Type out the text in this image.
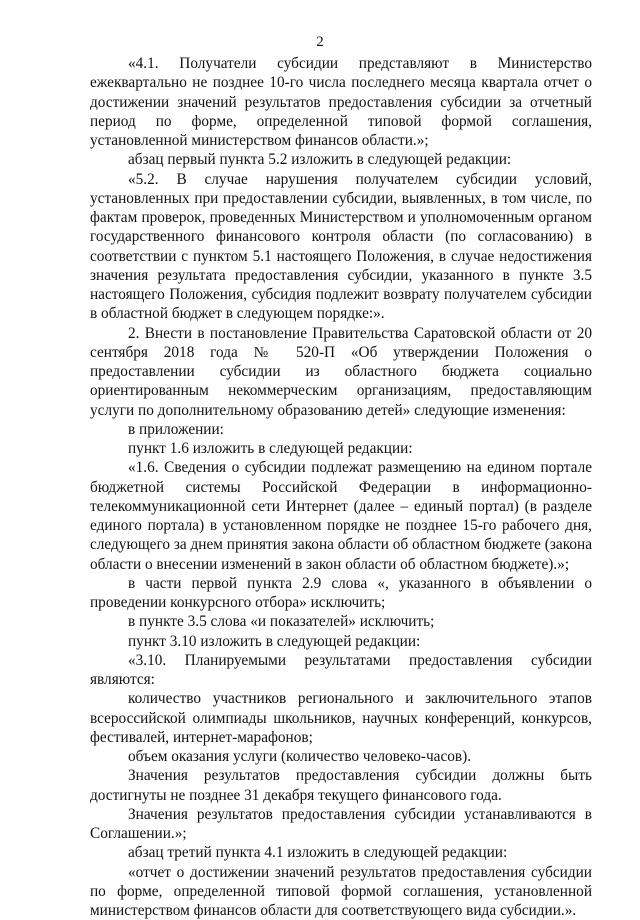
2

«4.1. Получатели субсидии представляют в Министерство ежеквартально не позднее 10-го числа последнего месяца квартала отчет о достижении значений результатов предоставления субсидии за отчетный период по форме, определенной типовой формой соглашения, установленной министерством финансов области.»;

абзац первый пункта 5.2 изложить в следующей редакции:

«5.2. В случае нарушения получателем субсидии условий, установленных при предоставлении субсидии, выявленных, в том числе, по фактам проверок, проведенных Министерством и уполномоченным органом государственного финансового контроля области (по согласованию) в соответствии с пунктом 5.1 настоящего Положения, в случае недостижения значения результата предоставления субсидии, указанного в пункте 3.5 настоящего Положения, субсидия подлежит возврату получателем субсидии в областной бюджет в следующем порядке:».

2. Внести в постановление Правительства Саратовской области от 20 сентября 2018 года № 520-П «Об утверждении Положения о предоставлении субсидии из областного бюджета социально ориентированным некоммерческим организациям, предоставляющим услуги по дополнительному образованию детей» следующие изменения:

в приложении:

пункт 1.6 изложить в следующей редакции:

«1.6. Сведения о субсидии подлежат размещению на едином портале бюджетной системы Российской Федерации в информационно-телекоммуникационной сети Интернет (далее – единый портал) (в разделе единого портала) в установленном порядке не позднее 15-го рабочего дня, следующего за днем принятия закона области об областном бюджете (закона области о внесении изменений в закон области об областном бюджете).»;

в части первой пункта 2.9 слова «, указанного в объявлении о проведении конкурсного отбора» исключить;

в пункте 3.5 слова «и показателей» исключить;

пункт 3.10 изложить в следующей редакции:

«3.10. Планируемыми результатами предоставления субсидии являются:

количество участников регионального и заключительного этапов всероссийской олимпиады школьников, научных конференций, конкурсов, фестивалей, интернет-марафонов;

объем оказания услуги (количество человеко-часов).

Значения результатов предоставления субсидии должны быть достигнуты не позднее 31 декабря текущего финансового года.

Значения результатов предоставления субсидии устанавливаются в Соглашении.»;

абзац третий пункта 4.1 изложить в следующей редакции:

«отчет о достижении значений результатов предоставления субсидии по форме, определенной типовой формой соглашения, установленной министерством финансов области для соответствующего вида субсидии.».
